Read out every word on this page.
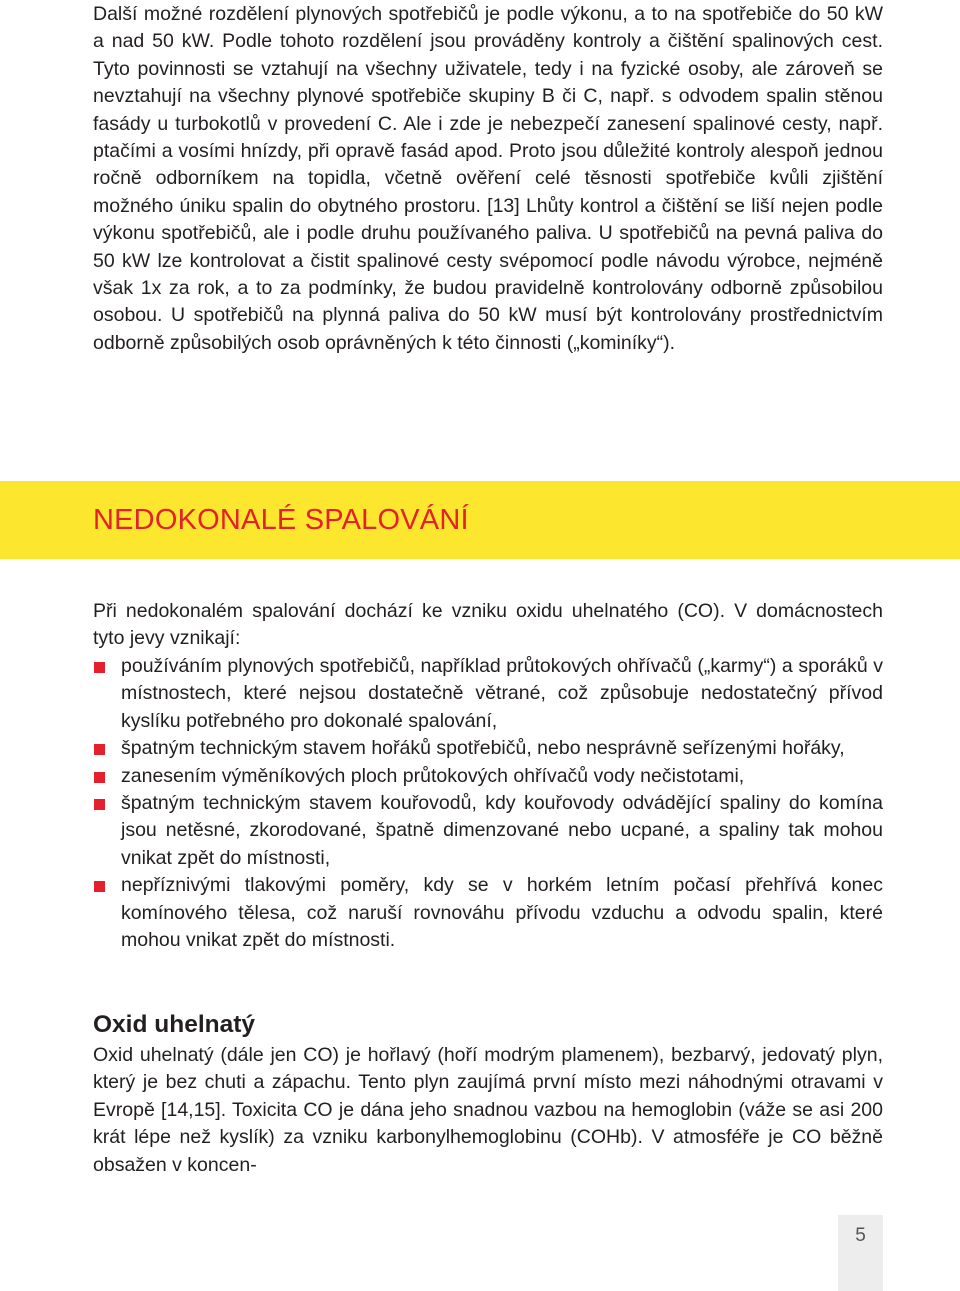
Další možné rozdělení plynových spotřebičů je podle výkonu, a to na spotřebiče do 50 kW a nad 50 kW. Podle tohoto rozdělení jsou prováděny kontroly a čištění spalinových cest. Tyto povinnosti se vztahují na všechny uživatele, tedy i na fyzické osoby, ale zároveň se nevztahují na všechny plynové spotřebiče skupiny B či C, např. s odvodem spalin stěnou fasády u turbokotlů v provedení C. Ale i zde je nebezpečí zanesení spalinové cesty, např. ptačími a vosími hnízdy, při opravě fasád apod. Proto jsou důležité kontroly alespoň jednou ročně odborníkem na topidla, včetně ověření celé těsnosti spotřebiče kvůli zjištění možného úniku spalin do obytného prostoru. [13] Lhůty kontrol a čištění se liší nejen podle výkonu spotřebičů, ale i podle druhu používaného paliva. U spotřebičů na pevná paliva do 50 kW lze kontrolovat a čistit spalinové cesty svépomocí podle návodu výrobce, nejméně však 1x za rok, a to za podmínky, že budou pravidelně kontrolovány odborně způsobilou osobou. U spotřebičů na plynná paliva do 50 kW musí být kontrolovány prostřednictvím odborně způsobilých osob oprávněných k této činnosti („kominíky“).
NEDOKONALÉ SPALOVÁNÍ
Při nedokonalém spalování dochází ke vzniku oxidu uhelnatého (CO). V domácnostech tyto jevy vznikají:
používáním plynových spotřebičů, například průtokových ohřívačů („karmy“) a sporáků v místnostech, které nejsou dostatečně větrané, což způsobuje nedostatečný přívod kyslíku potřebného pro dokonalé spalování,
špatným technickým stavem hořáků spotřebičů, nebo nesprávně seřízenými hořáky,
zanesením výměníkových ploch průtokových ohřívačů vody nečistotami,
špatným technickým stavem kouřovodů, kdy kouřovody odvádějící spaliny do komína jsou netěsné, zkorodované, špatně dimenzované nebo ucpané, a spaliny tak mohou vnikat zpět do místnosti,
nepříznivými tlakovými poměry, kdy se v horkém letním počasí přehřívá konec komínového tělesa, což naruší rovnováhu přívodu vzduchu a odvodu spalin, které mohou vnikat zpět do místnosti.
Oxid uhelnatý
Oxid uhelnatý (dále jen CO) je hořlavý (hoří modrým plamenem), bezbarvý, jedovatý plyn, který je bez chuti a zápachu. Tento plyn zaujímá první místo mezi náhodnými otravami v Evropě [14,15]. Toxicita CO je dána jeho snadnou vazbou na hemoglobin (váže se asi 200 krát lépe než kyslík) za vzniku karbonylhemoglobinu (COHb). V atmosféře je CO běžně obsažen v koncen-
5
